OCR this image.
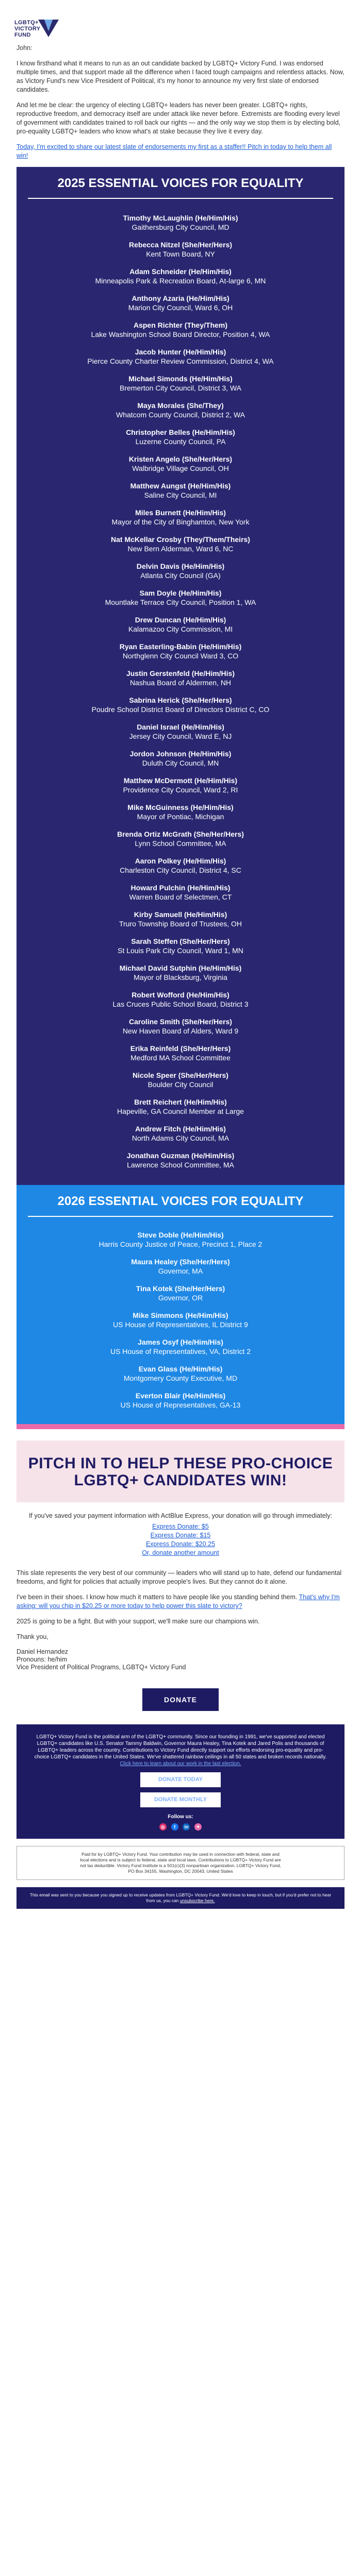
LGBTQ+
VICTORY
FUND

John:

I know firsthand what it means to run as an out candidate backed by LGBTQ+ Victory Fund. I was endorsed multiple times, and that support made all the difference when I faced tough campaigns and relentless attacks. Now, as Victory Fund's new Vice President of Political, it's my honor to announce my very first slate of endorsed candidates.

And let me be clear: the urgency of electing LGBTQ+ leaders has never been greater. LGBTQ+ rights, reproductive freedom, and democracy itself are under attack like never before. Extremists are flooding every level of government with candidates trained to roll back our rights — and the only way we stop them is by electing bold, pro-equality LGBTQ+ leaders who know what's at stake because they live it every day.

Today, I'm excited to share our latest slate of endorsements my first as a staffer!! Pitch in today to help them all win!

2025 ESSENTIAL VOICES FOR EQUALITY
Timothy McLaughlin (He/Him/His)
Gaithersburg City Council, MD
Rebecca Nitzel (She/Her/Hers)
Kent Town Board, NY
Adam Schneider (He/Him/His)
Minneapolis Park & Recreation Board, At-large 6, MN
Anthony Azaria (He/Him/His)
Marion City Council, Ward 6, OH
Aspen Richter (They/Them)
Lake Washington School Board Director, Position 4, WA
Jacob Hunter (He/Him/His)
Pierce County Charter Review Commission, District 4, WA
Michael Simonds (He/Him/His)
Bremerton City Council, District 3, WA
Maya Morales (She/They)
Whatcom County Council, District 2, WA
Christopher Belles (He/Him/His)
Luzerne County Council, PA
Kristen Angelo (She/Her/Hers)
Walbridge Village Council, OH
Matthew Aungst (He/Him/His)
Saline City Council, MI
Miles Burnett (He/Him/His)
Mayor of the City of Binghamton, New York
Nat McKellar Crosby (They/Them/Theirs)
New Bern Alderman, Ward 6, NC
Delvin Davis (He/Him/His)
Atlanta City Council (GA)
Sam Doyle (He/Him/His)
Mountlake Terrace City Council, Position 1, WA
Drew Duncan (He/Him/His)
Kalamazoo City Commission, MI
Ryan Easterling-Babin (He/Him/His)
Northglenn City Council Ward 3, CO
Justin Gerstenfeld (He/Him/His)
Nashua Board of Aldermen, NH
Sabrina Herick (She/Her/Hers)
Poudre School District Board of Directors District C, CO
Daniel Israel (He/Him/His)
Jersey City Council, Ward E, NJ
Jordon Johnson (He/Him/His)
Duluth City Council, MN
Matthew McDermott (He/Him/His)
Providence City Council, Ward 2, RI
Mike McGuinness (He/Him/His)
Mayor of Pontiac, Michigan
Brenda Ortiz McGrath (She/Her/Hers)
Lynn School Committee, MA
Aaron Polkey (He/Him/His)
Charleston City Council, District 4, SC
Howard Pulchin (He/Him/His)
Warren Board of Selectmen, CT
Kirby Samuell (He/Him/His)
Truro Township Board of Trustees, OH
Sarah Steffen (She/Her/Hers)
St Louis Park City Council, Ward 1, MN
Michael David Sutphin (He/Him/His)
Mayor of Blacksburg, Virginia
Robert Wofford (He/Him/His)
Las Cruces Public School Board, District 3
Caroline Smith (She/Her/Hers)
New Haven Board of Alders, Ward 9
Erika Reinfeld (She/Her/Hers)
Medford MA School Committee
Nicole Speer (She/Her/Hers)
Boulder City Council
Brett Reichert (He/Him/His)
Hapeville, GA Council Member at Large
Andrew Fitch (He/Him/His)
North Adams City Council, MA
Jonathan Guzman (He/Him/His)
Lawrence School Committee, MA
2026 ESSENTIAL VOICES FOR EQUALITY
Steve Doble (He/Him/His)
Harris County Justice of Peace, Precinct 1, Place 2
Maura Healey (She/Her/Hers)
Governor, MA
Tina Kotek (She/Her/Hers)
Governor, OR
Mike Simmons (He/Him/His)
US House of Representatives, IL District 9
James Osyf (He/Him/His)
US House of Representatives, VA, District 2
Evan Glass (He/Him/His)
Montgomery County Executive, MD
Everton Blair (He/Him/His)
US House of Representatives, GA-13
PITCH IN TO HELP THESE PRO-CHOICE LGBTQ+ CANDIDATES WIN!
If you've saved your payment information with ActBlue Express, your donation will go through immediately:
Express Donate: $5
Express Donate: $15
Express Donate: $20.25
Or, donate another amount

This slate represents the very best of our community — leaders who will stand up to hate, defend our fundamental freedoms, and fight for policies that actually improve people's lives. But they cannot do it alone.

I've been in their shoes. I know how much it matters to have people like you standing behind them. That's why I'm asking: will you chip in $20.25 or more today to help power this slate to victory?

2025 is going to be a fight. But with your support, we'll make sure our champions win.

Thank you,

Daniel Hernandez
Pronouns: he/him
Vice President of Political Programs, LGBTQ+ Victory Fund

DONATE
LGBTQ+ Victory Fund is the political arm of the LGBTQ+ community. Since our founding in 1991, we've supported and elected LGBTQ+ candidates like U.S. Senator Tammy Baldwin, Governor Maura Healey, Tina Kotek and Jared Polis and thousands of LGBTQ+ leaders across the country. Contributions to Victory Fund directly support our efforts endorsing pro-equality and pro-choice LGBTQ+ candidates in the United States. We've shattered rainbow ceilings in all 50 states and broken records nationally. Click here to learn about our work in the last election.
DONATE TODAY
DONATE MONTHLY
Follow us:
◎ f in ✦
Paid for by LGBTQ+ Victory Fund. Your contribution may be used in connection with federal, state and local elections and is subject to federal, state and local laws. Contributions to LGBTQ+ Victory Fund are not tax deductible. Victory Fund Institute is a 501(c)(3) nonpartisan organization. LGBTQ+ Victory Fund, PO Box 34155, Washington, DC 20043, United States
This email was sent to you because you signed up to receive updates from LGBTQ+ Victory Fund. We'd love to keep in touch, but if you'd prefer not to hear from us, you can unsubscribe here.
